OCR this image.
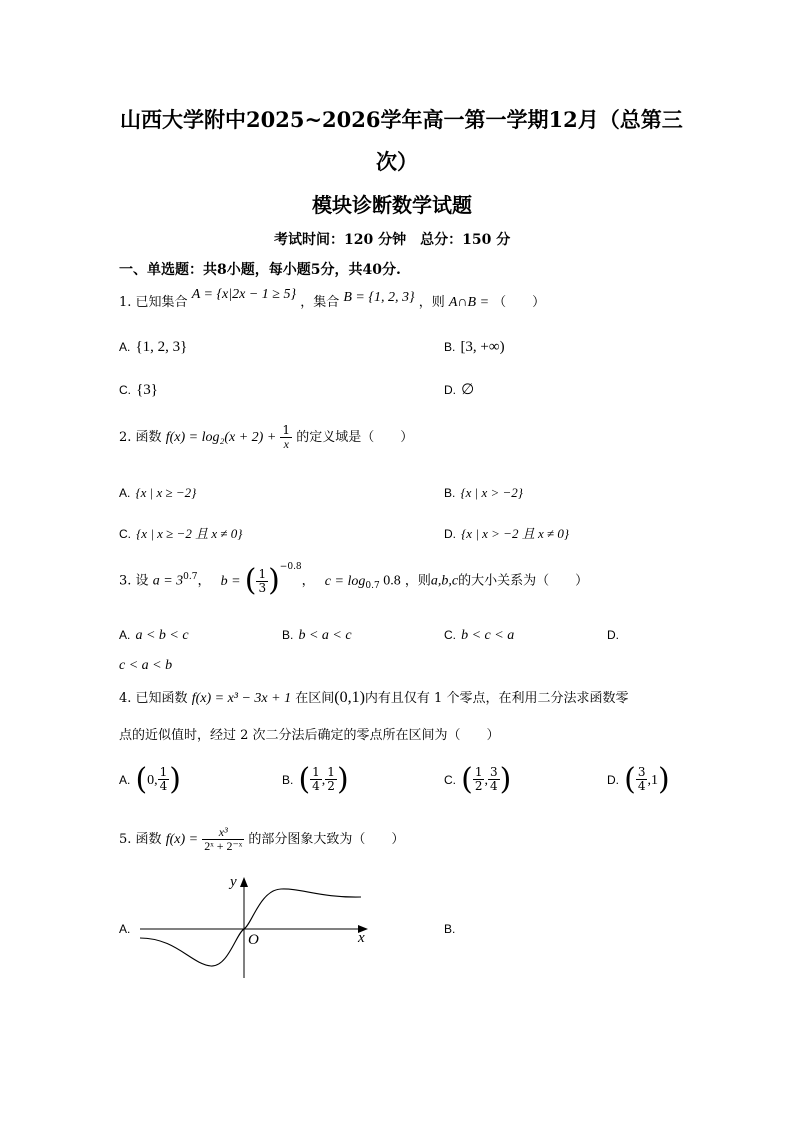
山西大学附中2025~2026学年高一第一学期12月（总第三
次）
模块诊断数学试题
考试时间：120 分钟　总分：150 分
一、单选题：共8小题，每小题5分，共40分.
1. 已知集合 A = {x|2x − 1 ≥ 5} ，集合 B = {1, 2, 3} ，则 A∩B = （　　）
A. {1, 2, 3}	B. [3, +∞)
C. {3}	D. ∅
2. 函数 $f(x) = \log_2(x + 2) + \frac{1}{x}$ 的定义域是（　　）
A. {x | x ≥ −2}	B. {x | x > −2}
C. {x | x ≥ −2 且 x ≠ 0}	D. {x | x > −2 且 x ≠ 0}
3. 设 $a = 3^{0.7}$， b = ( $\frac{1}{3} )^{-0.8}$， $c = \log_{0.7} 0.8$ ，则a,b,c的大小关系为（　　）
A. a < b < c	B. b < a < c	C. b < c < a	D.
c < a < b
4. 已知函数 f(x) = x³ − 3x + 1 在区间(0,1)内有且仅有 1 个零点，在利用二分法求函数零
点的近似值时，经过 2 次二分法后确定的零点所在区间为（　　）
A. (0, $\frac{1}{4}$ )	B. ( $\frac{1}{4}$ , $\frac{1}{2}$ )	C. ( $\frac{1}{2}$ , $\frac{3}{4}$ )	D. ( $\frac{3}{4} ,1$)
5. 函数 $f(x) = \frac{\text{x³}}{\text{2ˣ + 2⁻ˣ}}$ 的部分图象大致为（　　）
A.	B.
y
x
O
